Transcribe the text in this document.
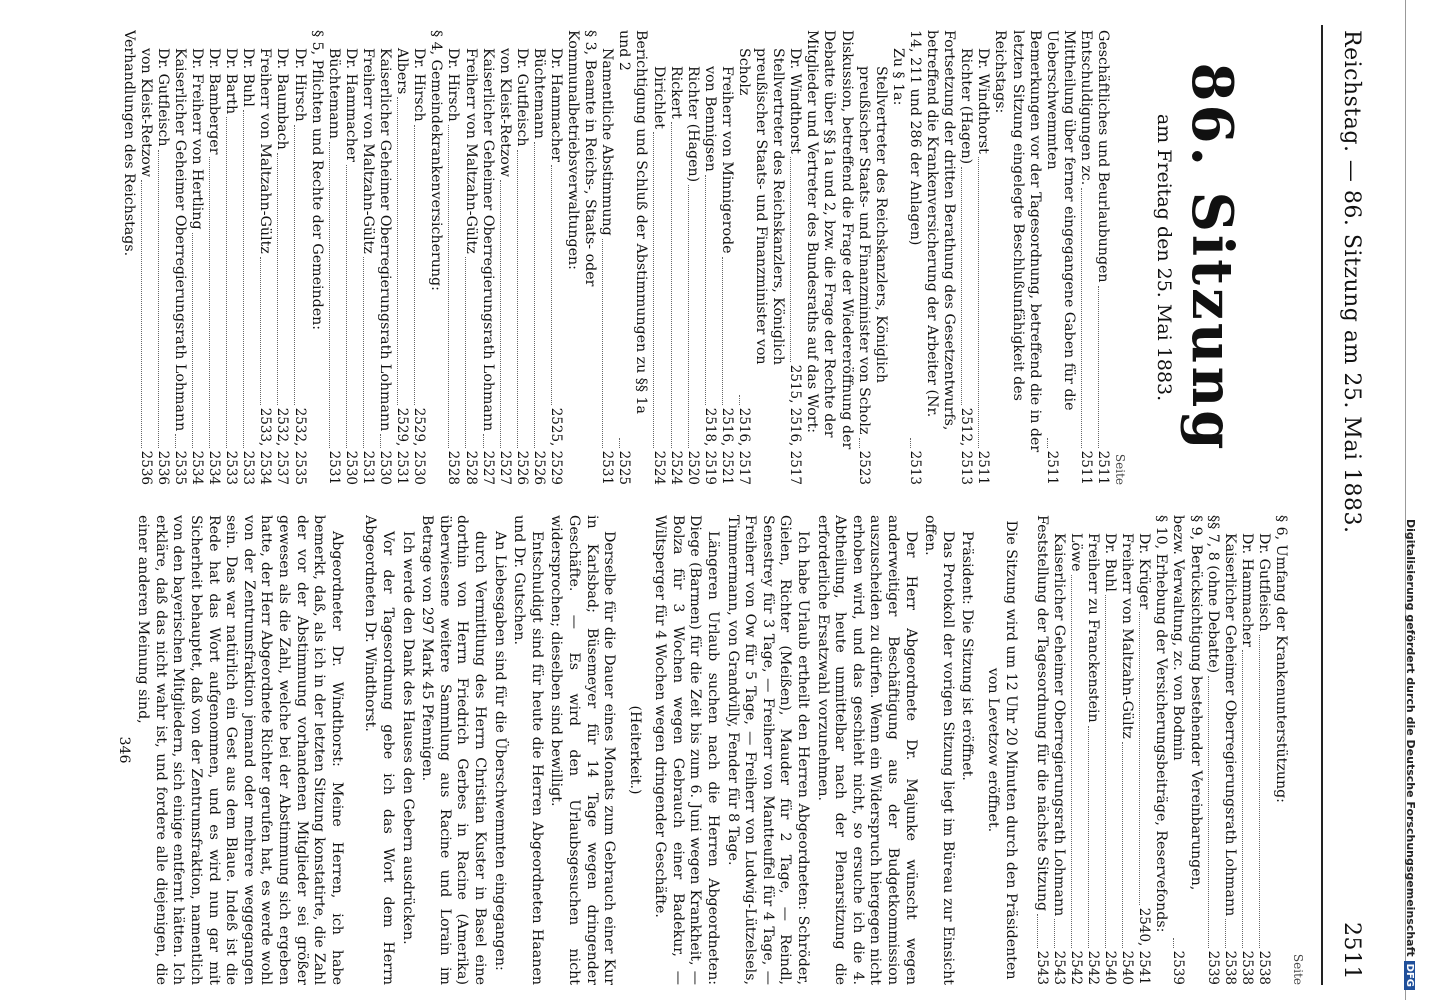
Reichstag. — 86. Sitzung am 25. Mai 1883.
2511
86. Sitzung
am Freitag den 25. Mai 1883.
Seite
Geschäftliches und Beurlaubungen
2511
Entschuldigungen zc.
2511
Mittheilung über ferner eingegangene Gaben für die Ueberschwemmten
2511
Bemerkungen vor der Tagesordnung, betreffend die in der letzten Sitzung eingelegte Beschlußunfähigkeit des Reichstags:
Dr. Windthorst
2511
Richter (Hagen)
2512, 2513
Fortsetzung der dritten Berathung des Gesetzentwurfs, betreffend die Krankenversicherung der Arbeiter (Nr. 14, 211 und 286 der Anlagen)
2513
Zu § 1a:
Stellvertreter des Reichskanzlers, Königlich preußischer Staats- und Finanzminister von Scholz
2523
Diskussion, betreffend die Frage der Wiedereröffnung der Debatte über §§ 1a und 2, bzw. die Frage der Rechte der Mitglieder und Vertreter des Bundesraths auf das Wort:
Dr. Windthorst
2515, 2516, 2517
Stellvertreter des Reichskanzlers, Königlich preußischer Staats- und Finanzminister von Scholz
2516, 2517
Freiherr von Minnigerode
2516, 2521
von Bennigsen
2518, 2519
Richter (Hagen)
2520
Rickert
2524
Dirichlet
2524
Berichtigung und Schluß der Abstimmungen zu §§ 1a und 2
2525
Namentliche Abstimmung
2531
§ 3, Beamte in Reichs-, Staats- oder Kommunalbetriebsverwaltungen:
Dr. Hammacher
2525, 2529
Büchtemann
2526
Dr. Gutfleisch
2526
von Kleist-Retzow
2527
Kaiserlicher Geheimer Oberregierungsrath Lohmann
2527
Freiherr von Maltzahn-Gültz
2528
Dr. Hirsch
2528
§ 4, Gemeindekrankenversicherung:
Dr. Hirsch
2529, 2530
Albers
2529, 2531
Kaiserlicher Geheimer Oberregierungsrath Lohmann
2530
Freiherr von Maltzahn-Gültz
2531
Dr. Hammacher
2530
Büchtemann
2531
§ 5, Pflichten und Rechte der Gemeinden:
Dr. Hirsch
2532, 2535
Dr. Baumbach
2532, 2537
Freiherr von Maltzahn-Gültz
2533, 2534
Dr. Buhl
2533
Dr. Barth
2533
Dr. Bamberger
2534
Dr. Freiherr von Hertling
2534
Kaiserlicher Geheimer Oberregierungsrath Lohmann
2535
Dr. Gutfleisch
2536
von Kleist-Retzow
2536
Verhandlungen des Reichstags.
Seite
§ 6, Umfang der Krankenunterstützung:
Dr. Gutfleisch
2538
Dr. Hammacher
2538
Kaiserlicher Geheimer Oberregierungsrath Lohmann
2538
§§ 7, 8 (ohne Debatte)
2539
§ 9, Berücksichtigung bestehender Vereinbarungen, bezw. Verwaltung, zc. von Bodmin
2539
§ 10, Erhebung der Versicherungsbeiträge, Reservefonds:
Dr. Krüger
2540, 2541
Freiherr von Maltzahn-Gültz
2540
Dr. Buhl
2540
Freiherr zu Franckenstein
2542
Löwe
2542
Kaiserlicher Geheimer Oberregierungsrath Lohmann
2543
Feststellung der Tagesordnung für die nächste Sitzung
2543

Die Sitzung wird um 12 Uhr 20 Minuten durch den Präsidenten von Levetzow eröffnet.

Präsident: Die Sitzung ist eröffnet.

Das Protokoll der vorigen Sitzung liegt im Büreau zur Einsicht offen.

Der Herr Abgeordnete Dr. Majunke wünscht wegen anderweitiger Beschäftigung aus der Budgetkommission auszuscheiden zu dürfen. Wenn ein Widerspruch hiergegen nicht erhoben wird, und das geschieht nicht, so ersuche ich die 4. Abtheilung, heute unmittelbar nach der Plenarsitzung die erforderliche Ersatzwahl vorzunehmen.

Ich habe Urlaub ertheilt den Herren Abgeordneten: Schröder, Gielen, Richter (Meißen), Mauder für 2 Tage, — Reindl, Senestrey für 3 Tage, — Freiherr von Mantteuffel für 4 Tage, — Freiherr von Ow für 5 Tage, — Freiherr von Ludwig-Lützelsels, Timmermann, von Grandvilly, Fender für 8 Tage.

Längeren Urlaub suchen nach die Herren Abgeordneten: Diege (Barmen) für die Zeit bis zum 6. Juni wegen Krankheit, — Bolza für 3 Wochen wegen Gebrauch einer Badekur, — Wiltsperger für 4 Wochen wegen dringender Geschäfte.

(Heiterkeit.)

Derselbe für die Dauer eines Monats zum Gebrauch einer Kur in Karlsbad; Büsemeyer für 14 Tage wegen dringender Geschäfte. — Es wird den Urlaubsgesuchen nicht widersprochen; dieselben sind bewilligt.

Entschuldigt sind für heute die Herren Abgeordneten Haanen und Dr. Gutschen.

An Liebesgaben sind für die Überschwemmten eingegangen:

durch Vermittlung des Herrn Christian Kuster in Basel eine dorthin von Herrn Friedrich Gerbes in Racine (Amerika) überwiesene weitere Sammlung aus Racine und Lorain im Betrage von 297 Mark 45 Pfennigen.

Ich werde den Dank des Hauses den Gebern ausdrücken.

Vor der Tagesordnung gebe ich das Wort dem Herrn Abgeordneten Dr. Windthorst.

Abgeordneter Dr. Windthorst: Meine Herren, ich habe bemerkt, daß, als ich in der letzten Sitzung konstatirte, die Zahl der vor der Abstimmung vorhandenen Mitglieder sei größer gewesen als die Zahl, welche bei der Abstimmung sich ergeben hatte, der Herr Abgeordnete Richter gerufen hat, es werde wohl von der Zentrumsfraktion jemand oder mehrere weggegangen sein. Das war natürlich ein Gest aus dem Blaue. Indeß ist die Rede hat das Wort aufgenommen, und es wird nun gar mit Sicherheit behauptet, daß von der Zentrumsfraktion, namentlich von den bayerischen Mitgliedern, sich einige entfernt hätten. Ich erkläre, daß das nicht wahr ist, und fordere alle diejenigen, die einer anderen Meinung sind,

346	Digitalisierung gefördert durch die Deutsche ForschungsgemeinschaftDFG
